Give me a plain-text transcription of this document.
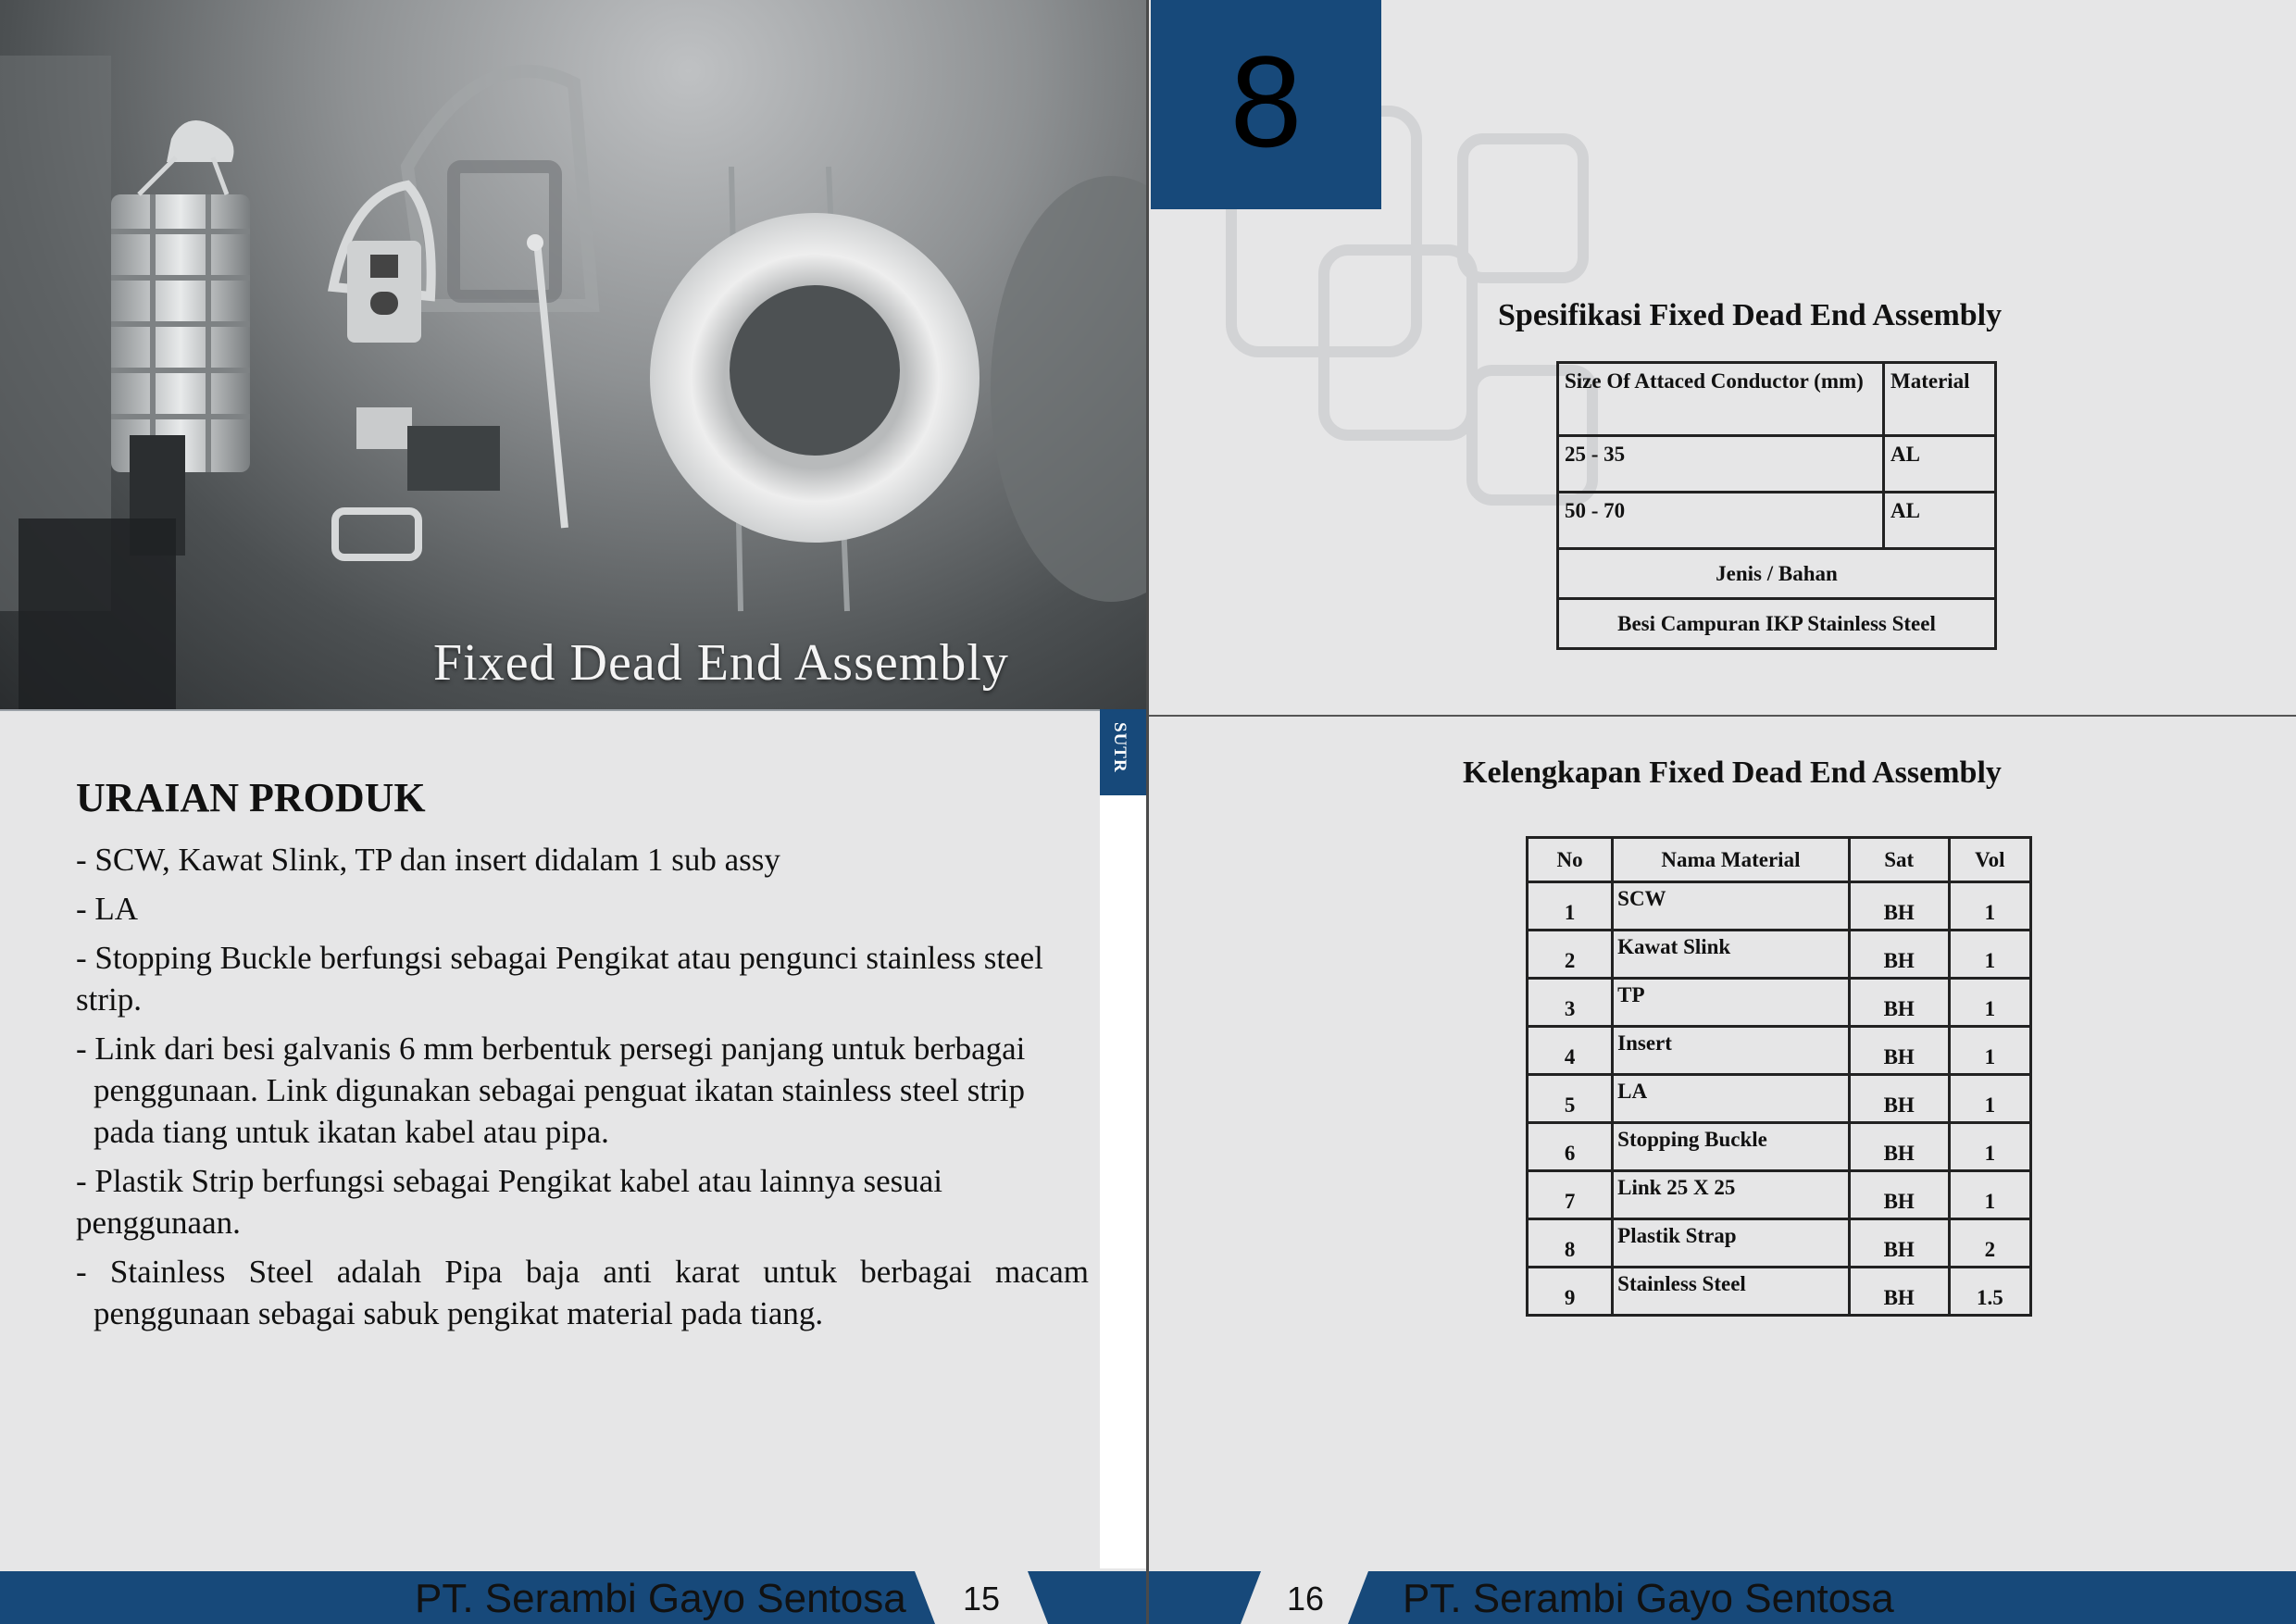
Fixed Dead End Assembly
SUTR
URAIAN PRODUK

- SCW, Kawat Slink, TP dan insert didalam 1 sub assy

- LA

- Stopping Buckle berfungsi sebagai Pengikat atau pengunci stainless steel strip.

- Link dari besi galvanis 6 mm berbentuk persegi panjang untuk berbagai penggunaan. Link digunakan sebagai penguat ikatan stainless steel strip pada tiang untuk ikatan kabel atau pipa.

- Plastik Strip berfungsi sebagai Pengikat kabel atau lainnya sesuai penggunaan.

- Stainless Steel adalah Pipa baja anti karat untuk berbagai macam penggunaan sebagai sabuk pengikat material pada tiang.

8
Spesifikasi Fixed Dead End Assembly
Size Of Attaced Conductor (mm)	Material
25 - 35	AL
50 - 70	AL
Jenis / Bahan	
Besi Campuran IKP Stainless Steel	
Kelengkapan Fixed Dead End Assembly
No	Nama Material	Sat	Vol
1	SCW	BH	1
2	Kawat Slink	BH	1
3	TP	BH	1
4	Insert	BH	1
5	LA	BH	1
6	Stopping Buckle	BH	1
7	Link 25 X 25	BH	1
8	Plastik Strap	BH	2
9	Stainless Steel	BH	1.5
PT. Serambi Gayo Sentosa 15	16 PT. Serambi Gayo Sentosa
